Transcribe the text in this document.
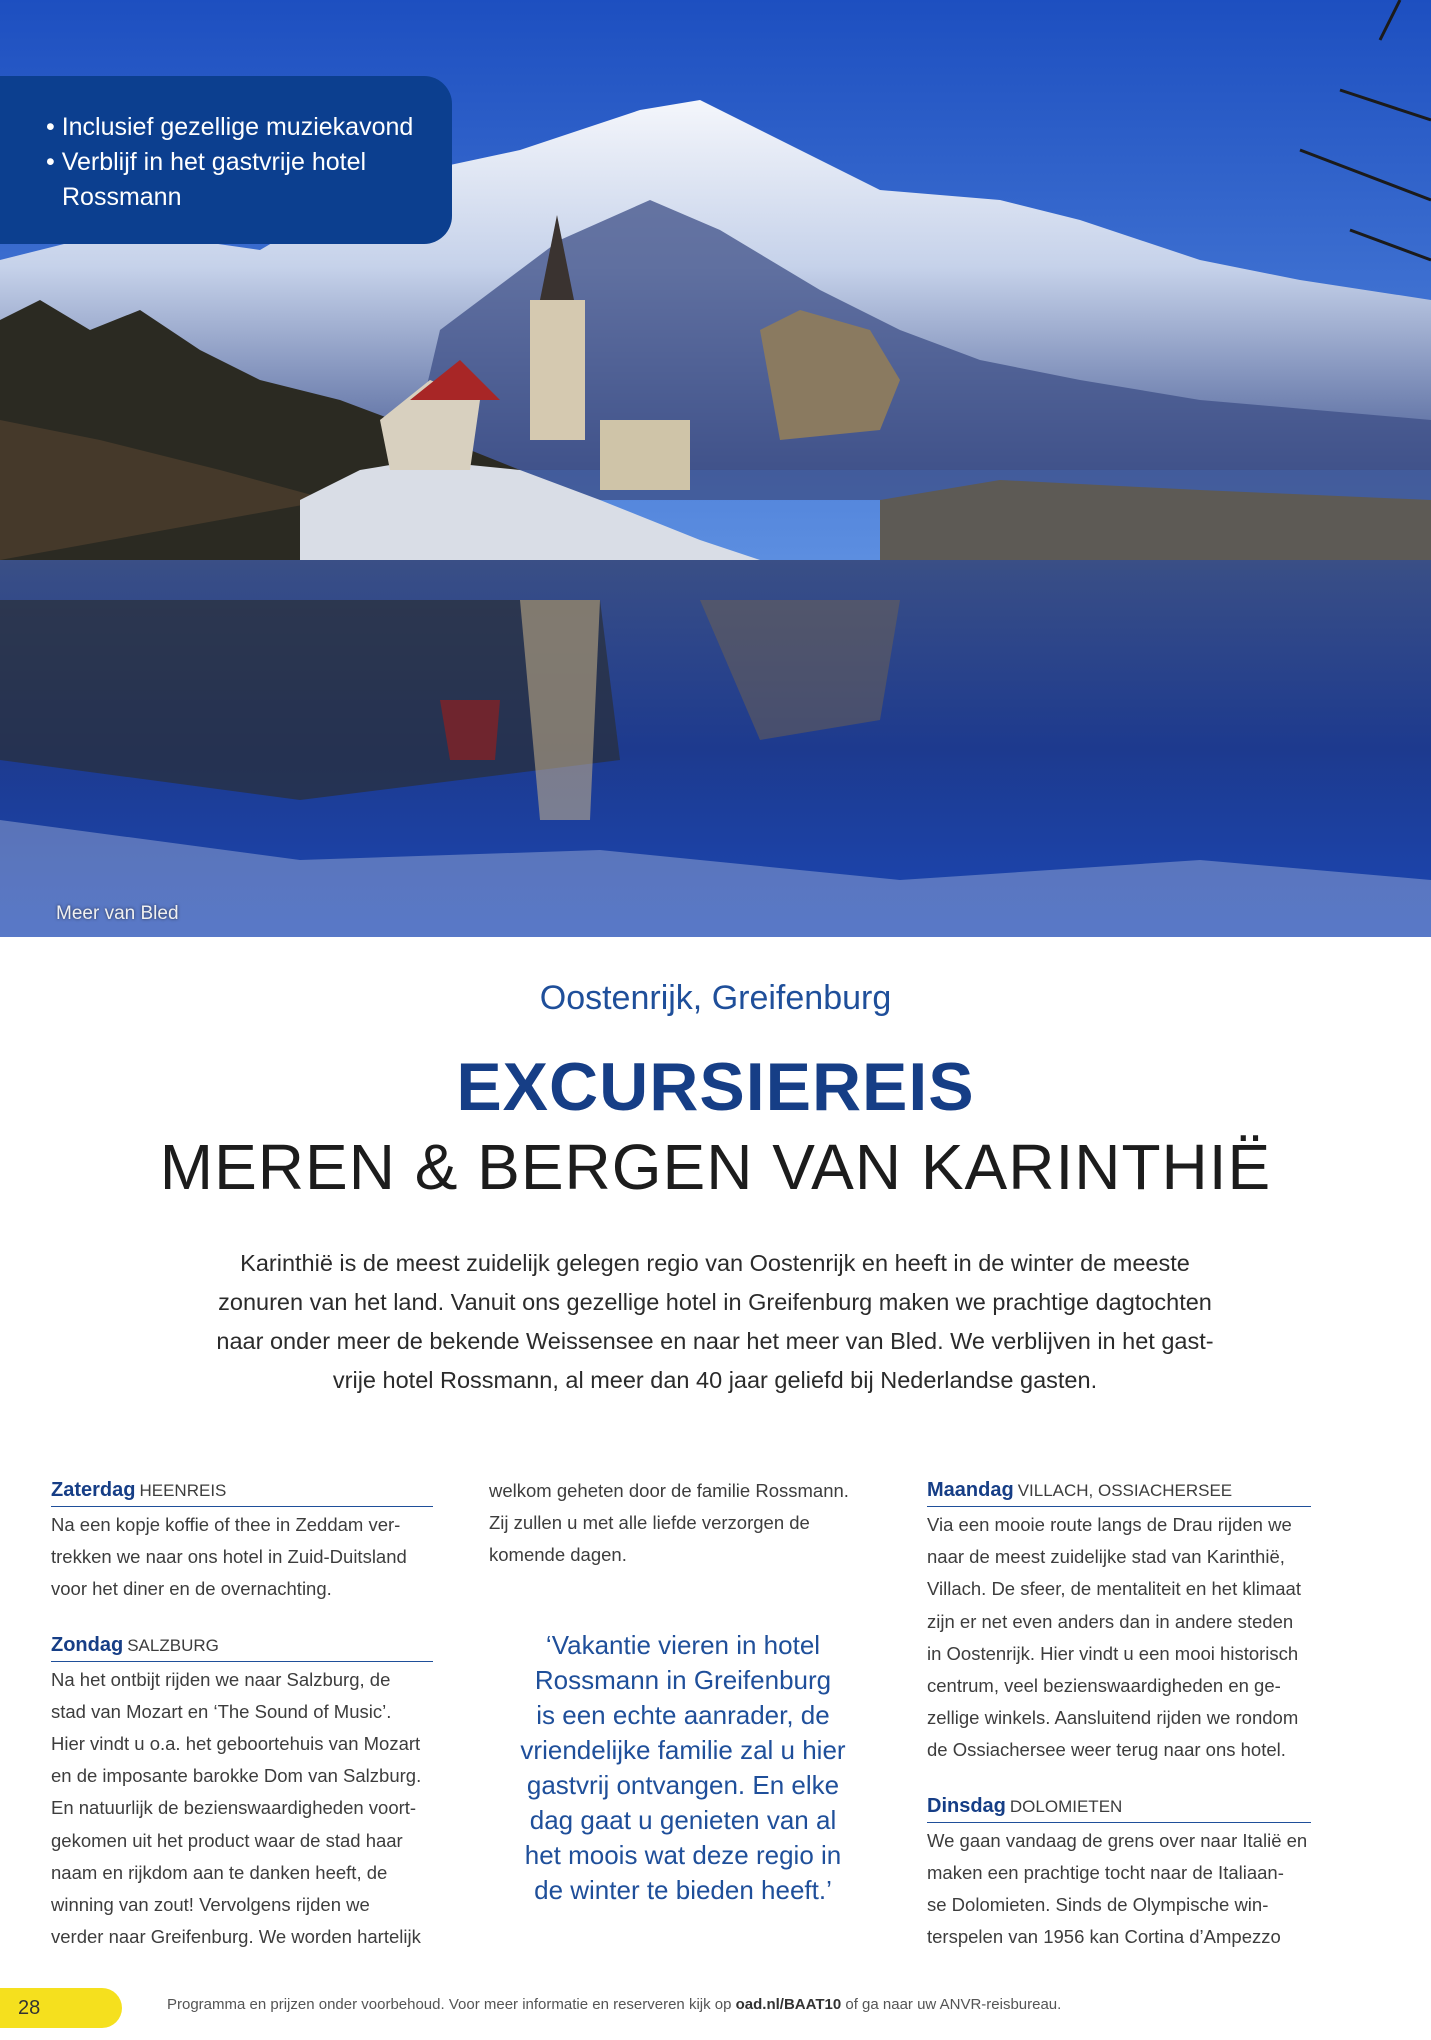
• Inclusief gezellige muziekavond
• Verblijf in het gastvrije hotel
Rossmann
Meer van Bled
Oostenrijk, Greifenburg
EXCURSIEREIS
MEREN & BERGEN VAN KARINTHIË
Karinthië is de meest zuidelijk gelegen regio van Oostenrijk en heeft in de winter de meeste
zonuren van het land. Vanuit ons gezellige hotel in Greifenburg maken we prachtige dagtochten
naar onder meer de bekende Weissensee en naar het meer van Bled. We verblijven in het gast-
vrije hotel Rossmann, al meer dan 40 jaar geliefd bij Nederlandse gasten.
Zaterdag HEENREIS
Na een kopje koffie of thee in Zeddam ver-
trekken we naar ons hotel in Zuid-Duitsland
voor het diner en de overnachting.
Zondag SALZBURG
Na het ontbijt rijden we naar Salzburg, de
stad van Mozart en ‘The Sound of Music’.
Hier vindt u o.a. het geboortehuis van Mozart
en de imposante barokke Dom van Salzburg.
En natuurlijk de bezienswaardigheden voort-
gekomen uit het product waar de stad haar
naam en rijkdom aan te danken heeft, de
winning van zout! Vervolgens rijden we
verder naar Greifenburg. We worden hartelijk
welkom geheten door de familie Rossmann.
Zij zullen u met alle liefde verzorgen de
komende dagen.
‘Vakantie vieren in hotel
Rossmann in Greifenburg
is een echte aanrader, de
vriendelijke familie zal u hier
gastvrij ontvangen. En elke
dag gaat u genieten van al
het moois wat deze regio in
de winter te bieden heeft.’
Maandag VILLACH, OSSIACHERSEE
Via een mooie route langs de Drau rijden we
naar de meest zuidelijke stad van Karinthië,
Villach. De sfeer, de mentaliteit en het klimaat
zijn er net even anders dan in andere steden
in Oostenrijk. Hier vindt u een mooi historisch
centrum, veel bezienswaardigheden en ge-
zellige winkels. Aansluitend rijden we rondom
de Ossiachersee weer terug naar ons hotel.
Dinsdag DOLOMIETEN
We gaan vandaag de grens over naar Italië en
maken een prachtige tocht naar de Italiaan-
se Dolomieten. Sinds de Olympische win-
terspelen van 1956 kan Cortina d’Ampezzo
28	Programma en prijzen onder voorbehoud. Voor meer informatie en reserveren kijk op oad.nl/BAAT10 of ga naar uw ANVR-reisbureau.
